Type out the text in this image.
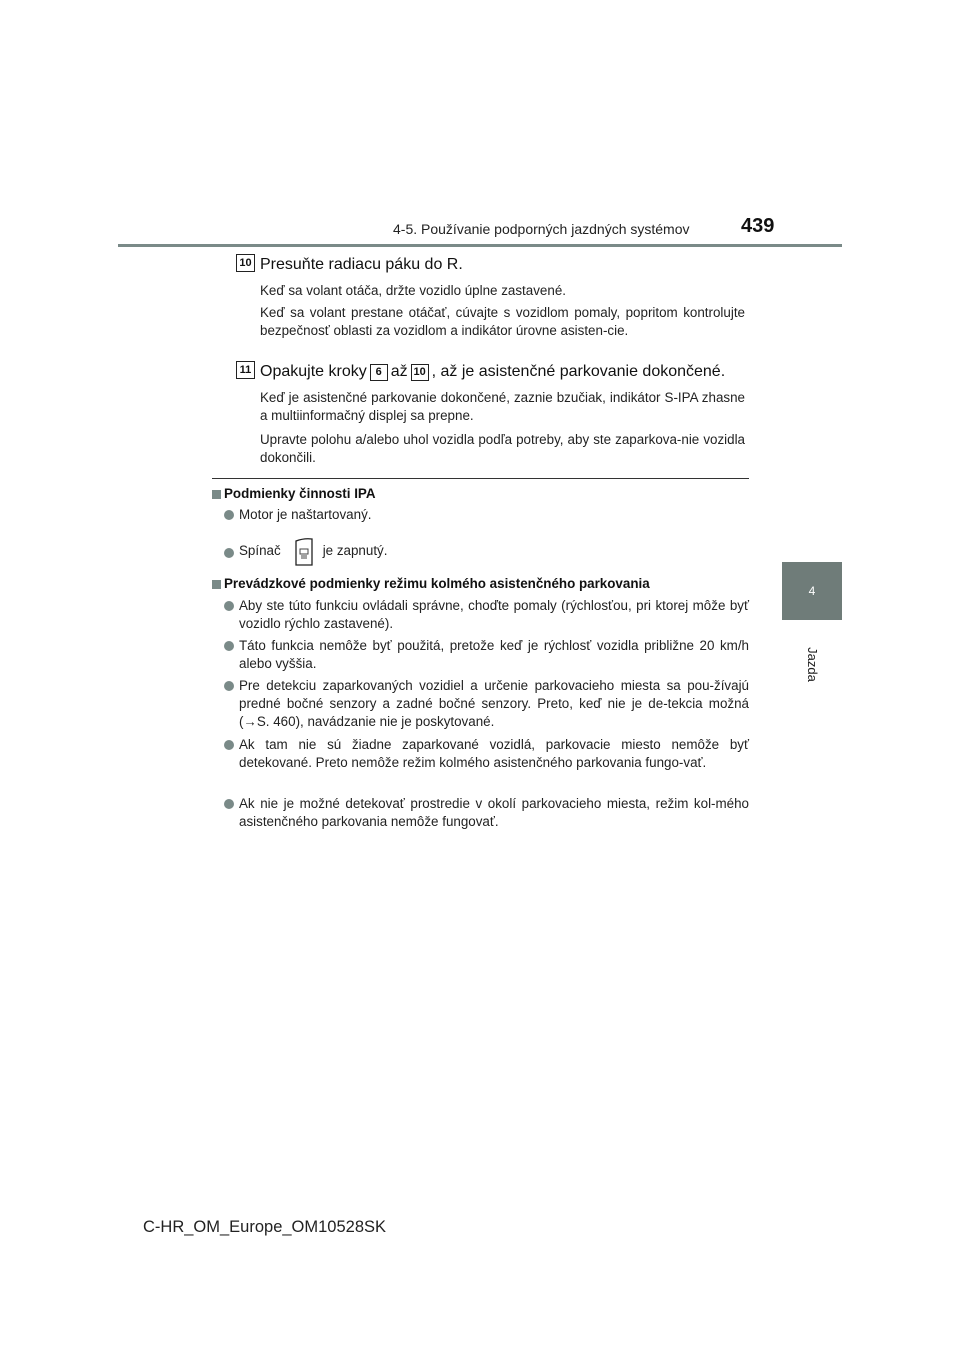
4-5. Používanie podporných jazdných systémov	439
4
Jazda
10 Presuňte radiacu páku do R.
Keď sa volant otáča, držte vozidlo úplne zastavené.
Keď sa volant prestane otáčať, cúvajte s vozidlom pomaly, popritom kontrolujte bezpečnosť oblasti za vozidlom a indikátor úrovne asisten-cie.
11 Opakujte kroky 6 až 10 , až je asistenčné parkovanie dokončené.
Keď je asistenčné parkovanie dokončené, zaznie bzučiak, indikátor S-IPA zhasne a multiinformačný displej sa prepne.
Upravte polohu a/alebo uhol vozidla podľa potreby, aby ste zaparkova-nie vozidla dokončili.
Podmienky činnosti IPA
Motor je naštartovaný.
Spínač	je zapnutý.
Prevádzkové podmienky režimu kolmého asistenčného parkovania
Aby ste túto funkciu ovládali správne, choďte pomaly (rýchlosťou, pri ktorej môže byť vozidlo rýchlo zastavené).
Táto funkcia nemôže byť použitá, pretože keď je rýchlosť vozidla približne 20 km/h alebo vyššia.
Pre detekciu zaparkovaných vozidiel a určenie parkovacieho miesta sa pou-žívajú predné bočné senzory a zadné bočné senzory. Preto, keď nie je de-tekcia možná (→S. 460), navádzanie nie je poskytované.
Ak tam nie sú žiadne zaparkované vozidlá, parkovacie miesto nemôže byť detekované. Preto nemôže režim kolmého asistenčného parkovania fungo-vať.
Ak nie je možné detekovať prostredie v okolí parkovacieho miesta, režim kol-mého asistenčného parkovania nemôže fungovať.
C-HR_OM_Europe_OM10528SK
